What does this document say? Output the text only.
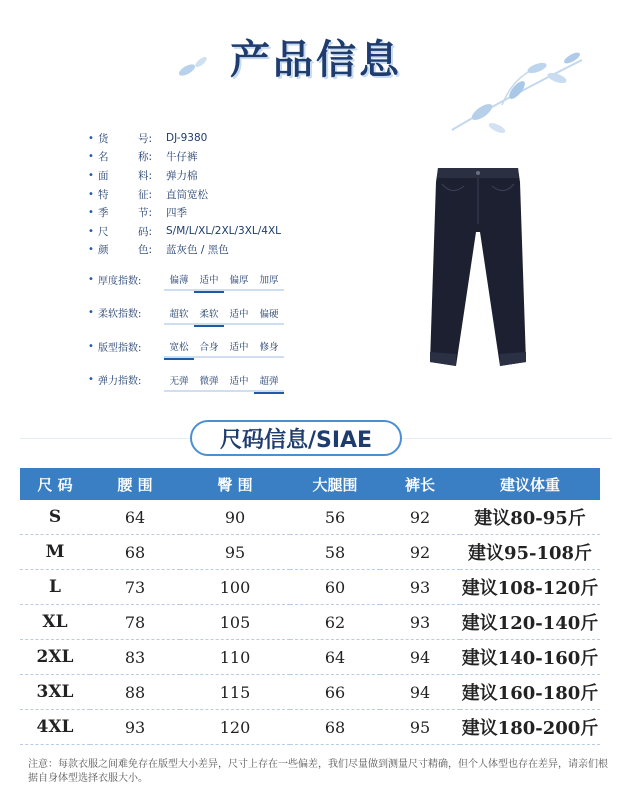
产品信息
• 货	号: DJ-9380
• 名	称: 牛仔裤
• 面	料: 弹力棉
• 特	征: 直筒宽松
• 季	节: 四季
• 尺	码: S/M/L/XL/2XL/3XL/4XL
• 颜	色: 蓝灰色 / 黑色
• 厚度指数:	偏薄	适中	偏厚	加厚
• 柔软指数:	超软	柔软	适中	偏硬
• 版型指数:	宽松	合身	适中	修身
• 弹力指数:	无弹	微弹	适中	超弹
尺码信息/SIAE
尺 码	腰 围	臀 围	大腿围	裤长	建议体重
S	64	90	56	92	建议80-95斤
M	68	95	58	92	建议95-108斤
L	73	100	60	93	建议108-120斤
XL	78	105	62	93	建议120-140斤
2XL	83	110	64	94	建议140-160斤
3XL	88	115	66	94	建议160-180斤
4XL	93	120	68	95	建议180-200斤
注意：每款衣服之间难免存在版型大小差异，尺寸上存在一些偏差，我们尽量做到测量尺寸精确，但个人体型也存在差异，请亲们根据自身体型选择衣服大小。
